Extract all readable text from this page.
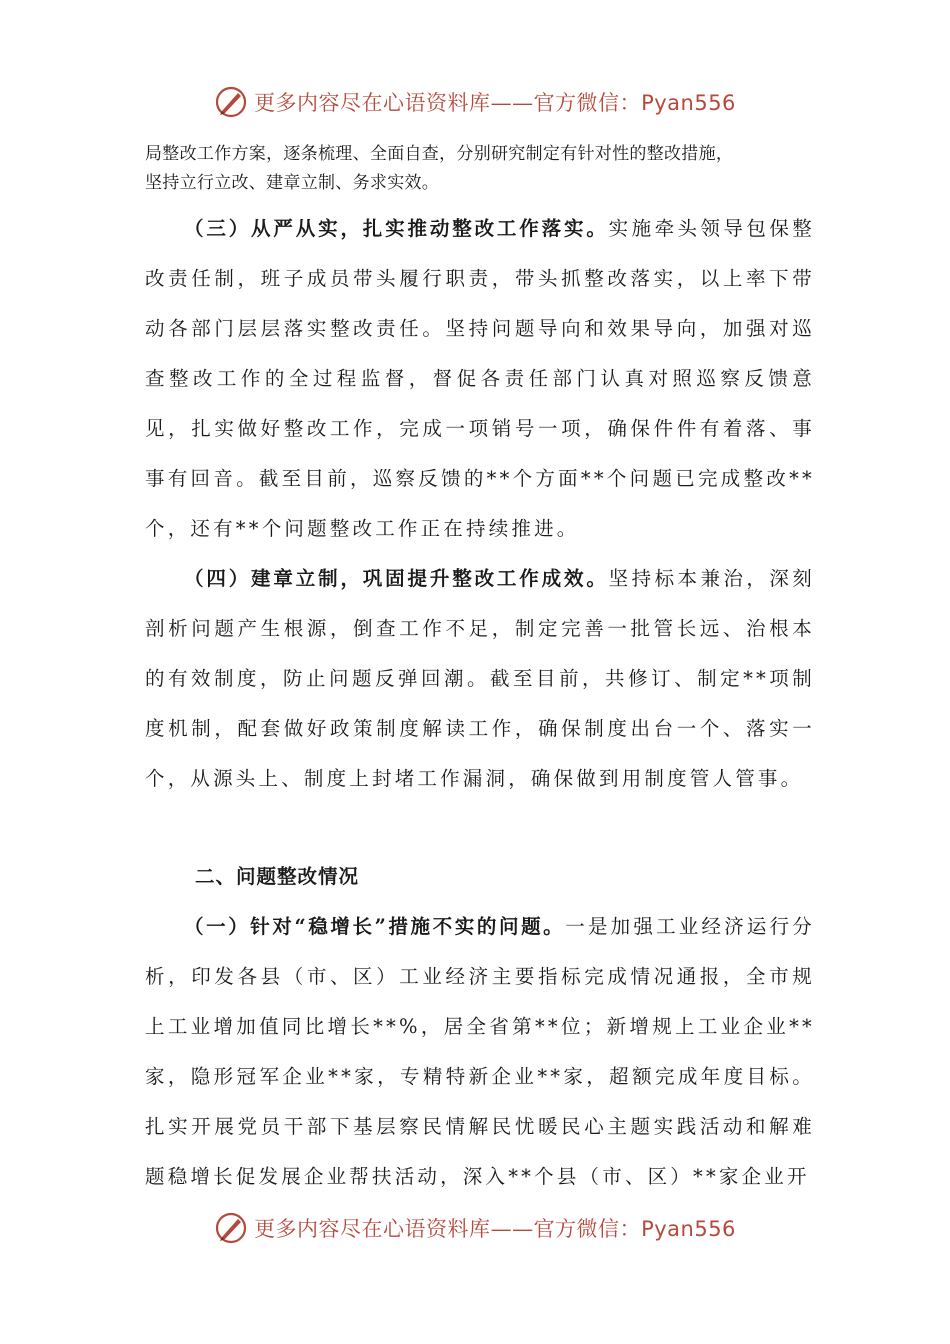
更多内容尽在心语资料库——官方微信：Pyan556

局整改工作方案，逐条梳理、全面自查，分别研究制定有针对性的整改措施，

坚持立行立改、建章立制、务求实效。

（三）从严从实，扎实推动整改工作落实。实施牵头领导包保整改责任制，班子成员带头履行职责，带头抓整改落实，以上率下带动各部门层层落实整改责任。坚持问题导向和效果导向，加强对巡查整改工作的全过程监督，督促各责任部门认真对照巡察反馈意见，扎实做好整改工作，完成一项销号一项，确保件件有着落、事事有回音。截至目前，巡察反馈的**个方面**个问题已完成整改**个，还有**个问题整改工作正在持续推进。

（四）建章立制，巩固提升整改工作成效。坚持标本兼治，深刻剖析问题产生根源，倒查工作不足，制定完善一批管长远、治根本的有效制度，防止问题反弹回潮。截至目前，共修订、制定**项制度机制，配套做好政策制度解读工作，确保制度出台一个、落实一个，从源头上、制度上封堵工作漏洞，确保做到用制度管人管事。

二、问题整改情况

（一）针对“稳增长”措施不实的问题。一是加强工业经济运行分析，印发各县（市、区）工业经济主要指标完成情况通报，全市规上工业增加值同比增长**%，居全省第**位；新增规上工业企业**家，隐形冠军企业**家，专精特新企业**家，超额完成年度目标。扎实开展党员干部下基层察民情解民忧暖民心主题实践活动和解难题稳增长促发展企业帮扶活动，深入**个县（市、区）**家企业开

更多内容尽在心语资料库——官方微信：Pyan556
